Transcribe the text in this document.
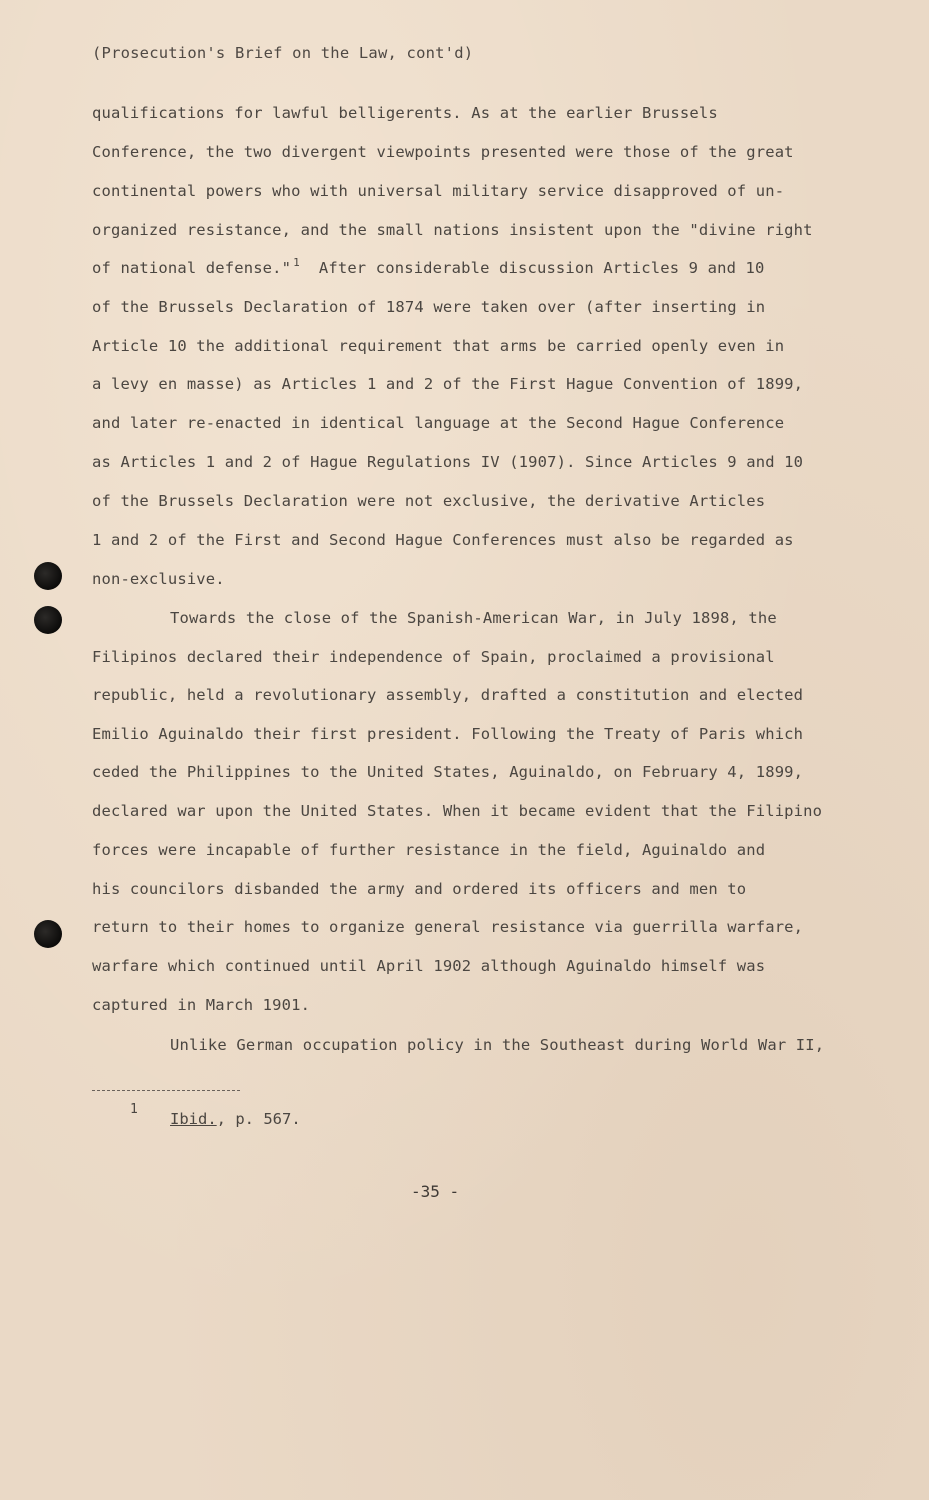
(Prosecution's Brief on the Law, cont'd)
qualifications for lawful belligerents. As at the earlier Brussels
Conference, the two divergent viewpoints presented were those of the great
continental powers who with universal military service disapproved of un-
organized resistance, and the small nations insistent upon the "divine right
of national defense." $^1$ After considerable discussion Articles 9 and 10
of the Brussels Declaration of 1874 were taken over (after inserting in
Article 10 the additional requirement that arms be carried openly even in
a levy en masse) as Articles 1 and 2 of the First Hague Convention of 1899,
and later re-enacted in identical language at the Second Hague Conference
as Articles 1 and 2 of Hague Regulations IV (1907). Since Articles 9 and 10
of the Brussels Declaration were not exclusive, the derivative Articles
1 and 2 of the First and Second Hague Conferences must also be regarded as
non-exclusive.
Towards the close of the Spanish-American War, in July 1898, the
Filipinos declared their independence of Spain, proclaimed a provisional
republic, held a revolutionary assembly, drafted a constitution and elected
Emilio Aguinaldo their first president. Following the Treaty of Paris which
ceded the Philippines to the United States, Aguinaldo, on February 4, 1899,
declared war upon the United States. When it became evident that the Filipino
forces were incapable of further resistance in the field, Aguinaldo and
his councilors disbanded the army and ordered its officers and men to
return to their homes to organize general resistance via guerrilla warfare,
warfare which continued until April 1902 although Aguinaldo himself was
captured in March 1901.
Unlike German occupation policy in the Southeast during World War II,
1
Ibid., p. 567.
-35 -
